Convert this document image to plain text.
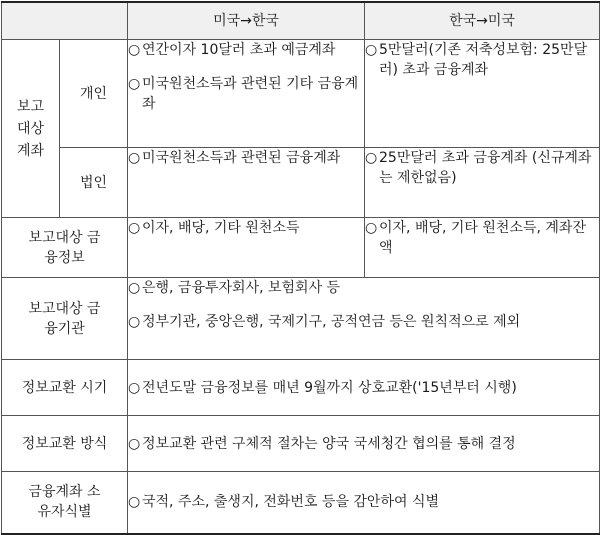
		미국→한국	한국→미국
보고대상계좌	개인	○ 연간이자 10달러 초과 예금계좌
○ 미국원천소득과 관련된 기타 금융계좌	○ 5만달러(기존 저축성보험: 25만달러) 초과 금융계좌

	법인	○ 미국원천소득과 관련된 금융계좌	○ 25만달러 초과 금융계좌 (신규계좌는 제한없음)

보고대상 금융정보		○ 이자, 배당, 기타 원천소득	○ 이자, 배당, 기타 원천소득, 계좌잔액

보고대상 금융기관		○ 은행, 금융투자회사, 보험회사 등
○ 정부기관, 중앙은행, 국제기구, 공적연금 등은 원칙적으로 제외	

정보교환 시기		○ 전년도말 금융정보를 매년 9월까지 상호교환('15년부터 시행)	

정보교환 방식		○ 정보교환 관련 구체적 절차는 양국 국세청간 협의를 통해 결정	

금융계좌 소유자식별		○ 국적, 주소, 출생지, 전화번호 등을 감안하여 식별	
